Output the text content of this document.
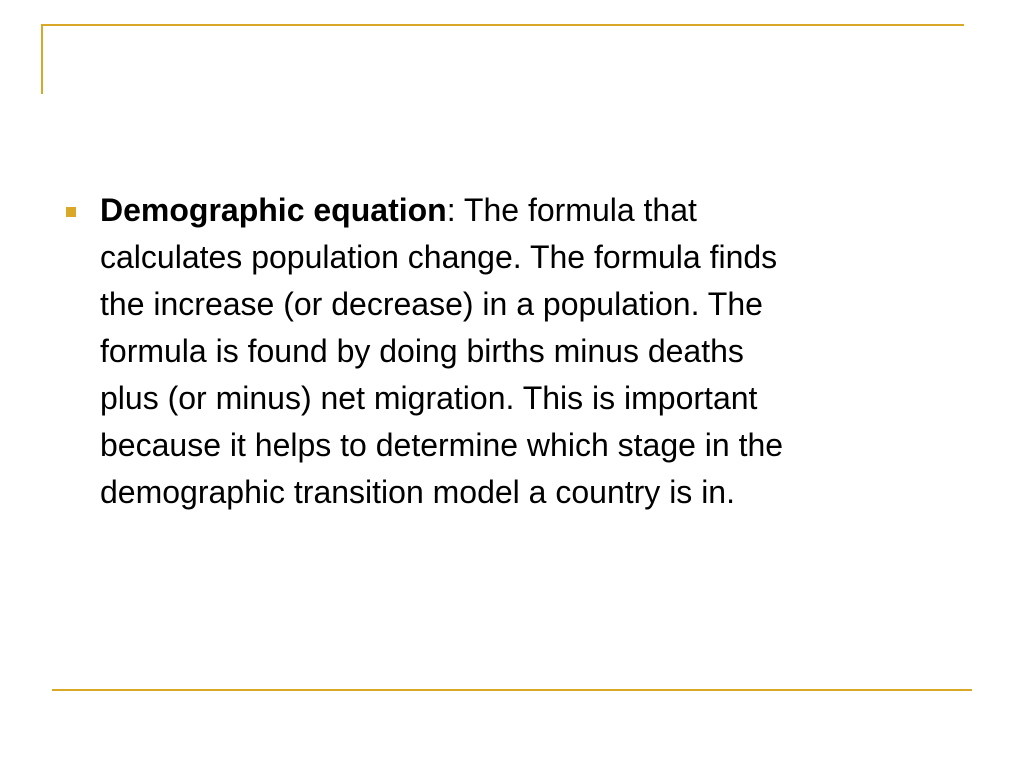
Demographic equation: The formula that
calculates population change. The formula finds
the increase (or decrease) in a population. The
formula is found by doing births minus deaths
plus (or minus) net migration. This is important
because it helps to determine which stage in the
demographic transition model a country is in.
